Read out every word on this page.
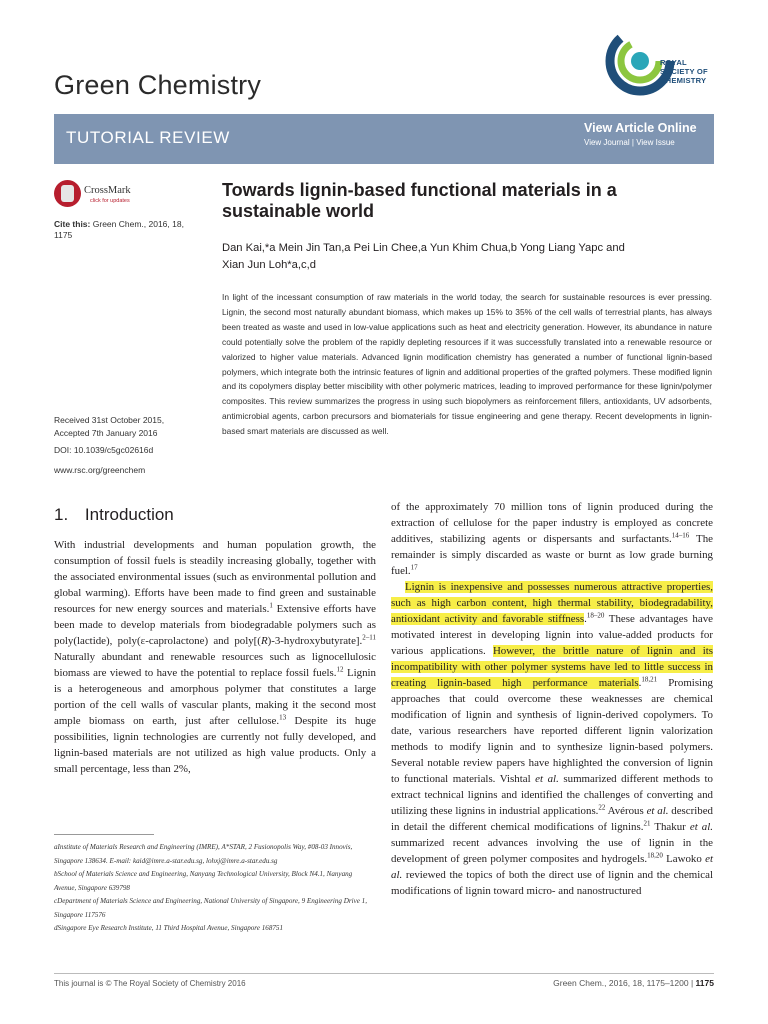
Green Chemistry
ROYAL SOCIETY OF CHEMISTRY
TUTORIAL REVIEW	View Article Online
View Journal | View Issue
CrossMark
click for updates
Cite this: Green Chem., 2016, 18, 1175
Received 31st October 2015,
Accepted 7th January 2016
DOI: 10.1039/c5gc02616d
www.rsc.org/greenchem
Towards lignin-based functional materials in a sustainable world
Dan Kai,*a Mein Jin Tan,a Pei Lin Chee,a Yun Khim Chua,b Yong Liang Yapc and
Xian Jun Loh*a,c,d
In light of the incessant consumption of raw materials in the world today, the search for sustainable resources is ever pressing. Lignin, the second most naturally abundant biomass, which makes up 15% to 35% of the cell walls of terrestrial plants, has always been treated as waste and used in low-value applications such as heat and electricity generation. However, its abundance in nature could potentially solve the problem of the rapidly depleting resources if it was successfully translated into a renewable resource or valorized to higher value materials. Advanced lignin modification chemistry has generated a number of functional lignin-based polymers, which integrate both the intrinsic features of lignin and additional properties of the grafted polymers. These modified lignin and its copolymers display better miscibility with other polymeric matrices, leading to improved performance for these lignin/polymer composites. This review summarizes the progress in using such biopolymers as reinforcement fillers, antioxidants, UV adsorbents, antimicrobial agents, carbon precursors and biomaterials for tissue engineering and gene therapy. Recent developments in lignin-based smart materials are discussed as well.
1. Introduction

With industrial developments and human population growth, the consumption of fossil fuels is steadily increasing globally, together with the associated environmental issues (such as environmental pollution and global warming). Efforts have been made to find green and sustainable resources for new energy sources and materials.$^1$ Extensive efforts have been made to develop materials from biodegradable polymers such as poly(lactide), poly(ε-caprolactone) and poly[(R)-3-hydroxybutyrate].$^{2-11}$ Naturally abundant and renewable resources such as lignocellulosic biomass are viewed to have the potential to replace fossil fuels.$^{12}$ Lignin is a heterogeneous and amorphous polymer that constitutes a large portion of the cell walls of vascular plants, making it the second most ample biomass on earth, just after cellulose.$^{13}$ Despite its huge possibilities, lignin technologies are currently not fully developed, and lignin-based materials are not utilized as high value products. Only a small percentage, less than 2%,

of the approximately 70 million tons of lignin produced during the extraction of cellulose for the paper industry is employed as concrete additives, stabilizing agents or dispersants and surfactants.$^{14-16}$ The remainder is simply discarded as waste or burnt as low grade burning fuel.$^{17}$

Lignin is inexpensive and possesses numerous attractive properties, such as high carbon content, high thermal stability, biodegradability, antioxidant activity and favorable stiffness.$^{18-20}$ These advantages have motivated interest in developing lignin into value-added products for various applications. However, the brittle nature of lignin and its incompatibility with other polymer systems have led to little success in creating lignin-based high performance materials.$^{18,21}$ Promising approaches that could overcome these weaknesses are chemical modification of lignin and synthesis of lignin-derived copolymers. To date, various researchers have reported different lignin valorization methods to modify lignin and to synthesize lignin-based polymers. Several notable review papers have highlighted the conversion of lignin to functional materials. Vishtal et al. summarized different methods to extract technical lignins and identified the challenges of converting and utilizing these lignins in industrial applications.$^{22}$ Avérous et al. described in detail the different chemical modifications of lignins.$^{21}$ Thakur et al. summarized recent advances involving the use of lignin in the development of green polymer composites and hydrogels.$^{18,20}$ Lawoko et al. reviewed the topics of both the direct use of lignin and the chemical modifications of lignin toward micro- and nanostructured

aInstitute of Materials Research and Engineering (IMRE), A*STAR, 2 Fusionopolis Way, #08-03 Innovis, Singapore 138634. E-mail: kaid@imre.a-star.edu.sg, lohxj@imre.a-star.edu.sg

bSchool of Materials Science and Engineering, Nanyang Technological University, Block N4.1, Nanyang Avenue, Singapore 639798

cDepartment of Materials Science and Engineering, National University of Singapore, 9 Engineering Drive 1, Singapore 117576

dSingapore Eye Research Institute, 11 Third Hospital Avenue, Singapore 168751

This journal is © The Royal Society of Chemistry 2016	Green Chem., 2016, 18, 1175–1200 | 1175
